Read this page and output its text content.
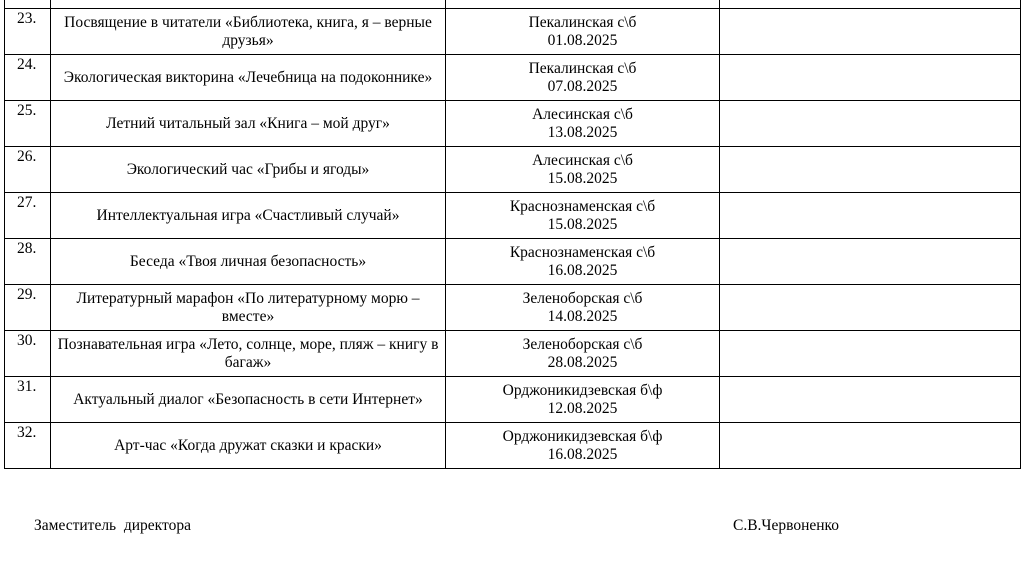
23.	Посвящение в читатели «Библиотека, книга, я – верные друзья»	Пекалинская с\б
01.08.2025	

24.	Экологическая викторина «Лечебница на подоконнике»	Пекалинская с\б
07.08.2025	

25.	Летний читальный зал «Книга – мой друг»	Алесинская с\б
13.08.2025	

26.	Экологический час «Грибы и ягоды»	Алесинская с\б
15.08.2025	

27.	Интеллектуальная игра «Счастливый случай»	Краснознаменская с\б
15.08.2025	

28.	Беседа «Твоя личная безопасность»	Краснознаменская с\б
16.08.2025	

29.	Литературный марафон «По литературному морю – вместе»	Зеленоборская с\б
14.08.2025	

30.	Познавательная игра «Лето, солнце, море, пляж – книгу в багаж»	Зеленоборская с\б
28.08.2025	

31.	Актуальный диалог «Безопасность в сети Интернет»	Орджоникидзевская б\ф
12.08.2025	

32.	Арт-час «Когда дружат сказки и краски»	Орджоникидзевская б\ф
16.08.2025	

Заместитель  директора	С.В.Червоненко
